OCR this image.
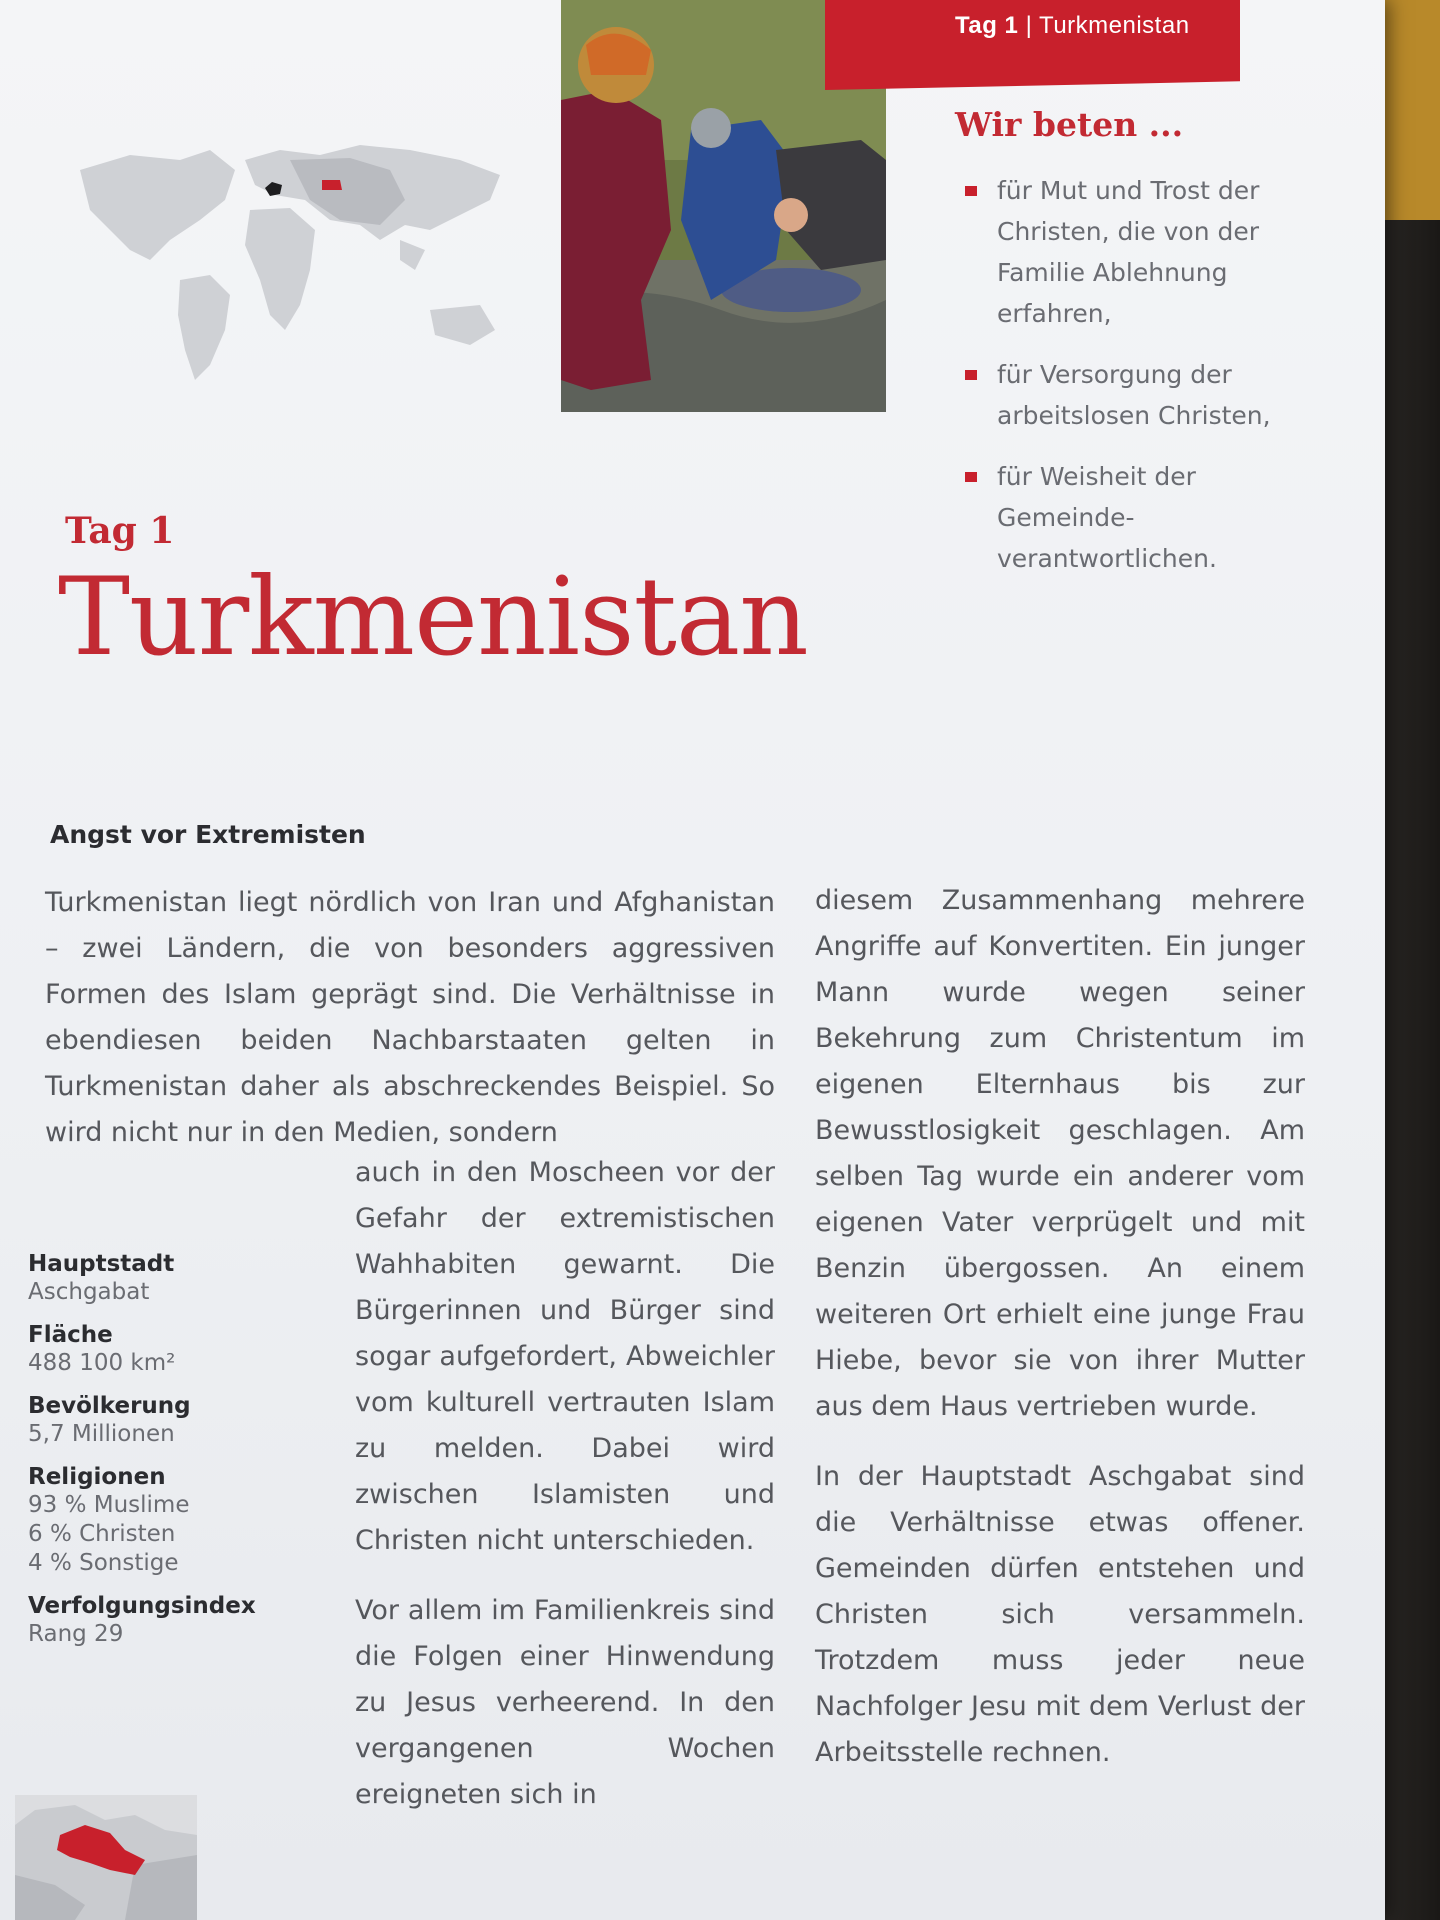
Tag 1 | Turkmenistan
Wir beten ...
für Mut und Trost der Christen, die von der Familie Ablehnung erfahren,
für Versorgung der arbeitslosen Christen,
für Weisheit der Gemeinde-verantwortlichen.
Tag 1
Turkmenistan
Angst vor Extremisten

Turkmenistan liegt nördlich von Iran und Afghanistan – zwei Ländern, die von besonders aggressiven Formen des Islam geprägt sind. Die Verhältnisse in ebendiesen beiden Nachbarstaaten gelten in Turkmenistan daher als abschreckendes Beispiel. So wird nicht nur in den Medien, sondern

auch in den Moscheen vor der Gefahr der extremistischen Wahhabiten gewarnt. Die Bürgerinnen und Bürger sind sogar aufgefordert, Abweichler vom kulturell vertrauten Islam zu melden. Dabei wird zwischen Islamisten und Christen nicht unterschieden.

Vor allem im Familienkreis sind die Folgen einer Hinwendung zu Jesus verheerend. In den vergangenen Wochen ereigneten sich in

diesem Zusammenhang mehrere Angriffe auf Konvertiten. Ein junger Mann wurde wegen seiner Bekehrung zum Christentum im eigenen Elternhaus bis zur Bewusstlosigkeit geschlagen. Am selben Tag wurde ein anderer vom eigenen Vater verprügelt und mit Benzin übergossen. An einem weiteren Ort erhielt eine junge Frau Hiebe, bevor sie von ihrer Mutter aus dem Haus vertrieben wurde.

In der Hauptstadt Aschgabat sind die Verhältnisse etwas offener. Gemeinden dürfen entstehen und Christen sich versammeln. Trotzdem muss jeder neue Nachfolger Jesu mit dem Verlust der Arbeitsstelle rechnen.

Hauptstadt
Aschgabat
Fläche
488 100 km²
Bevölkerung
5,7 Millionen
Religionen
93 % Muslime
6 % Christen
4 % Sonstige
Verfolgungsindex
Rang 29
